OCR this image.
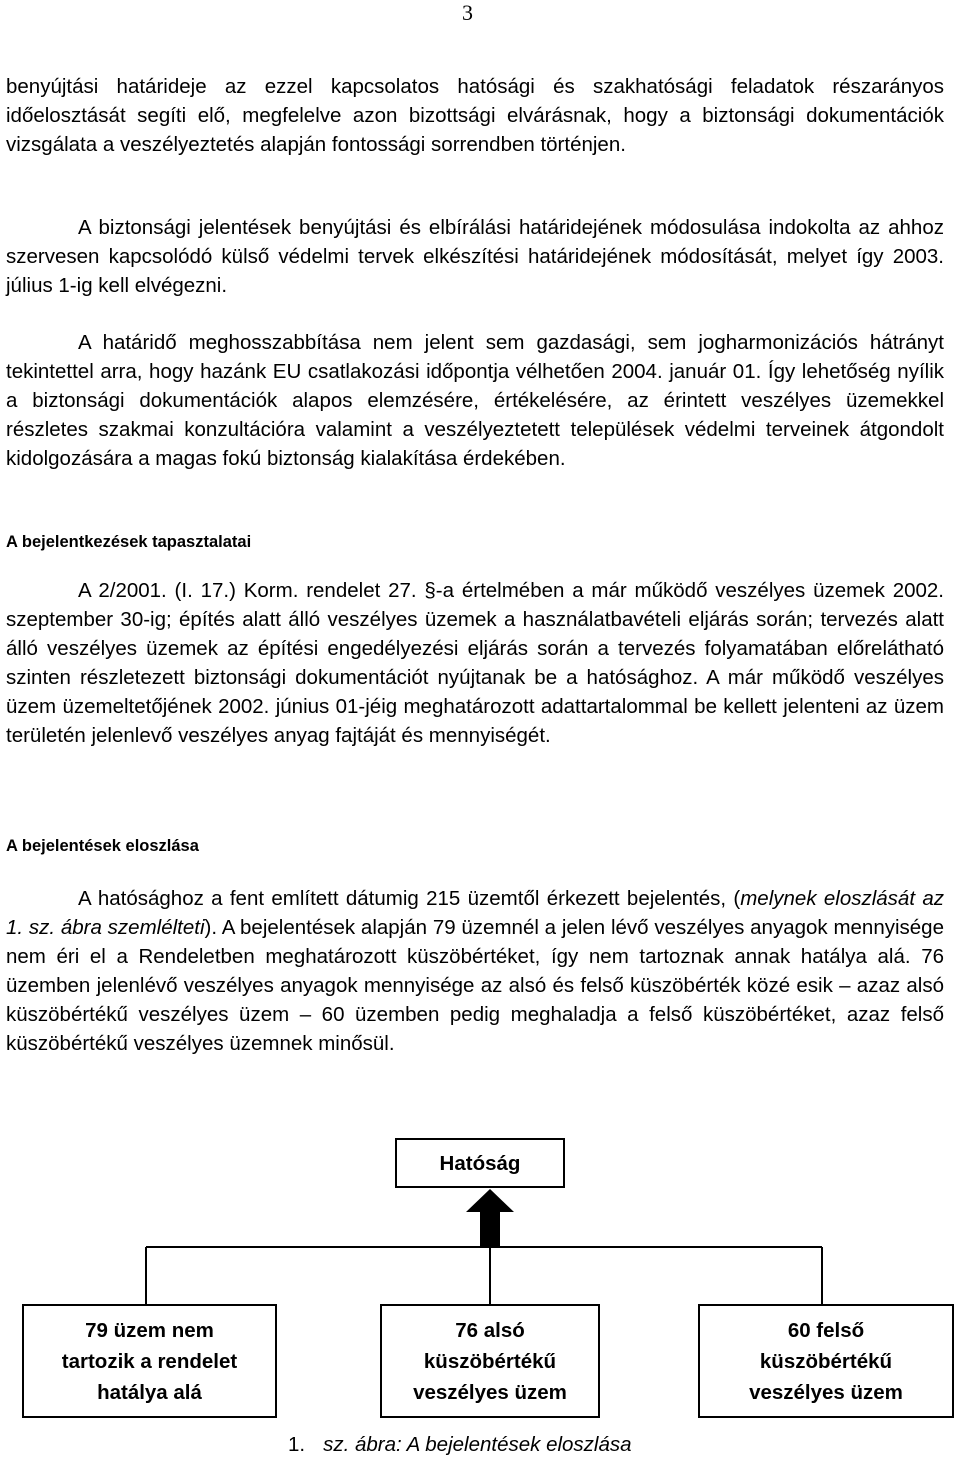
3

benyújtási határideje az ezzel kapcsolatos hatósági és szakhatósági feladatok részarányos időelosztását segíti elő, megfelelve azon bizottsági elvárásnak, hogy a biztonsági dokumentációk vizsgálata a veszélyeztetés alapján fontossági sorrendben történjen.

A biztonsági jelentések benyújtási és elbírálási határidejének módosulása indokolta az ahhoz szervesen kapcsolódó külső védelmi tervek elkészítési határidejének módosítását, melyet így 2003. július 1-ig kell elvégezni.

A határidő meghosszabbítása nem jelent sem gazdasági, sem jogharmonizációs hátrányt tekintettel arra, hogy hazánk EU csatlakozási időpontja vélhetően 2004. január 01. Így lehetőség nyílik a biztonsági dokumentációk alapos elemzésére, értékelésére, az érintett veszélyes üzemekkel részletes szakmai konzultációra valamint a veszélyeztetett települések védelmi terveinek átgondolt kidolgozására a magas fokú biztonság kialakítása érdekében.

A bejelentkezések tapasztalatai

A 2/2001. (I. 17.) Korm. rendelet 27. §-a értelmében a már működő veszélyes üzemek 2002. szeptember 30-ig; építés alatt álló veszélyes üzemek a használatbavételi eljárás során; tervezés alatt álló veszélyes üzemek az építési engedélyezési eljárás során a tervezés folyamatában előrelátható szinten részletezett biztonsági dokumentációt nyújtanak be a hatósághoz. A már működő veszélyes üzem üzemeltetőjének 2002. június 01-jéig meghatározott adattartalommal be kellett jelenteni az üzem területén jelenlevő veszélyes anyag fajtáját és mennyiségét.

A bejelentések eloszlása

A hatósághoz a fent említett dátumig 215 üzemtől érkezett bejelentés, (melynek eloszlását az 1. sz. ábra szemlélteti). A bejelentések alapján 79 üzemnél a jelen lévő veszélyes anyagok mennyisége nem éri el a Rendeletben meghatározott küszöbértéket, így nem tartoznak annak hatálya alá. 76 üzemben jelenlévő veszélyes anyagok mennyisége az alsó és felső küszöbérték közé esik – azaz alsó küszöbértékű veszélyes üzem – 60 üzemben pedig meghaladja a felső küszöbértéket, azaz felső küszöbértékű veszélyes üzemnek minősül.

Hatóság
79 üzem nem
tartozik a rendelet
hatálya alá
76 alsó
küszöbértékű
veszélyes üzem
60 felső
küszöbértékű
veszélyes üzem
1. sz. ábra: A bejelentések eloszlása
